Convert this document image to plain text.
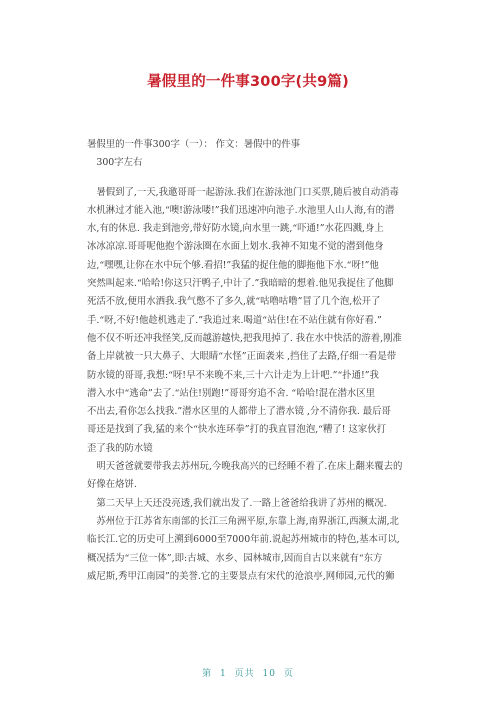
暑假里的一件事300字(共9篇)
暑假里的一件事300字（一）： 作文：暑假中的件事
　300字左右
　暑假到了,一天,我邀哥哥一起游泳.我们在游泳池门口买票,随后被自动消毒
水机淋过才能入池,“噢!游泳喽!”我们迅速冲向池子.水池里人山人海,有的潜
水,有的休息. 我走到池旁,带好防水镜,向水里一跳,“吓通!”水花四溅,身上
冰冰凉凉.哥哥呢他抱个游泳圈在水面上划水.我神不知鬼不觉的潜到他身
边,“嘿嘿,让你在水中玩个够.看招!”我猛的捉住他的脚拖他下水.“呀!”他
突然叫起来.“哈哈!你这只汗鸭子,中计了.”我暗暗的想着.他见我捉住了他脚
死活不放,便用水洒我.我气憋不了多久,就“咕噜咕噜”冒了几个泡,松开了
手.“呀,不好!他趁机逃走了.”我追过来.喝道“站住!在不站住就有你好看.”
他不仅不听还冲我怪笑,反而越游越快,把我甩掉了. 我在水中快活的游着,刚准
备上岸就被一只大鼻子、大眼睛“水怪”正面袭来 ,挡住了去路,仔细一看是带
防水镜的哥哥,我想:“呀!早不来晚不来,三十六计走为上计吧.”“扑通!”我
潜入水中“逃命”去了.“站住!别跑!”哥哥穷追不舍. “哈哈!混在潜水区里
不出去,看你怎么找我.”潜水区里的人都带上了潜水镜 ,分不清你我. 最后哥
哥还是找到了我,猛的来个“快水连环拳”打的我直冒泡泡,“糟了! 这家伙打
歪了我的防水镜
　明天爸爸就要带我去苏州玩,今晚我高兴的已经睡不着了.在床上翻来覆去的
好像在烙饼.
　第二天早上天还没亮透,我们就出发了.一路上爸爸给我讲了苏州的概况.
　苏州位于江苏省东南部的长江三角洲平原,东靠上海,南界浙江,西濒太湖,北
临长江.它的历史可上溯到6000至7000年前.说起苏州城市的特色,基本可以,
概况括为“三位一体”,即:古城、水乡、园林城市,因而自古以来就有“东方
威尼斯,秀甲江南园”的美誉.它的主要景点有宋代的沧浪亭,网师园,元代的狮
第 1 页共 10 页
